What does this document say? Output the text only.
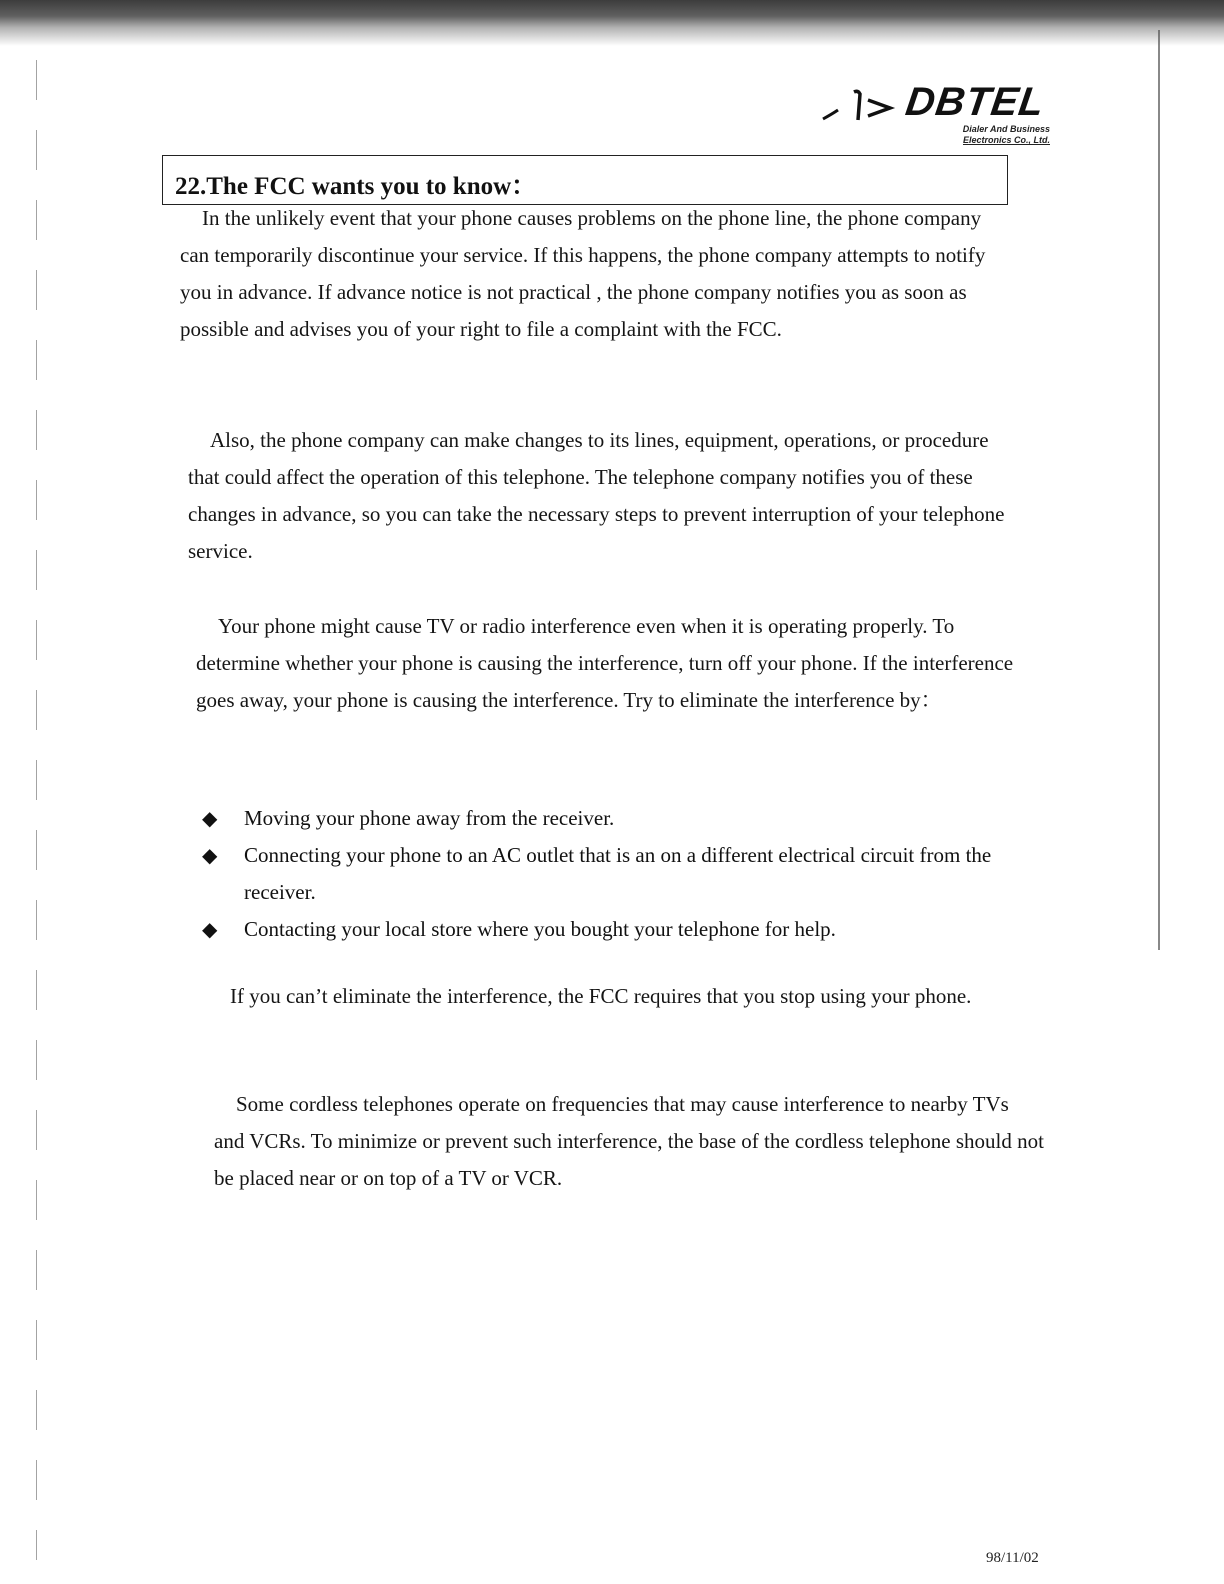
DBTEL
Dialer And Business
Electronics Co., Ltd.
22.The FCC wants you to know：

In the unlikely event that your phone causes problems on the phone line, the phone company can temporarily discontinue your service. If this happens, the phone company attempts to notify you in advance. If advance notice is not practical , the phone company notifies you as soon as possible and advises you of your right to file a complaint with the FCC.

Also, the phone company can make changes to its lines, equipment, operations, or procedure that could affect the operation of this telephone. The telephone company notifies you of these changes in advance, so you can take the necessary steps to prevent interruption of your telephone service.

Your phone might cause TV or radio interference even when it is operating properly. To determine whether your phone is causing the interference, turn off your phone. If the interference goes away, your phone is causing the interference. Try to eliminate the interference by：

◆ Moving your phone away from the receiver.
◆ Connecting your phone to an AC outlet that is an on a different electrical circuit from the receiver.
◆ Contacting your local store where you bought your telephone for help.

If you can’t eliminate the interference, the FCC requires that you stop using your phone.

Some cordless telephones operate on frequencies that may cause interference to nearby TVs and VCRs. To minimize or prevent such interference, the base of the cordless telephone should not be placed near or on top of a TV or VCR.

98/11/02
